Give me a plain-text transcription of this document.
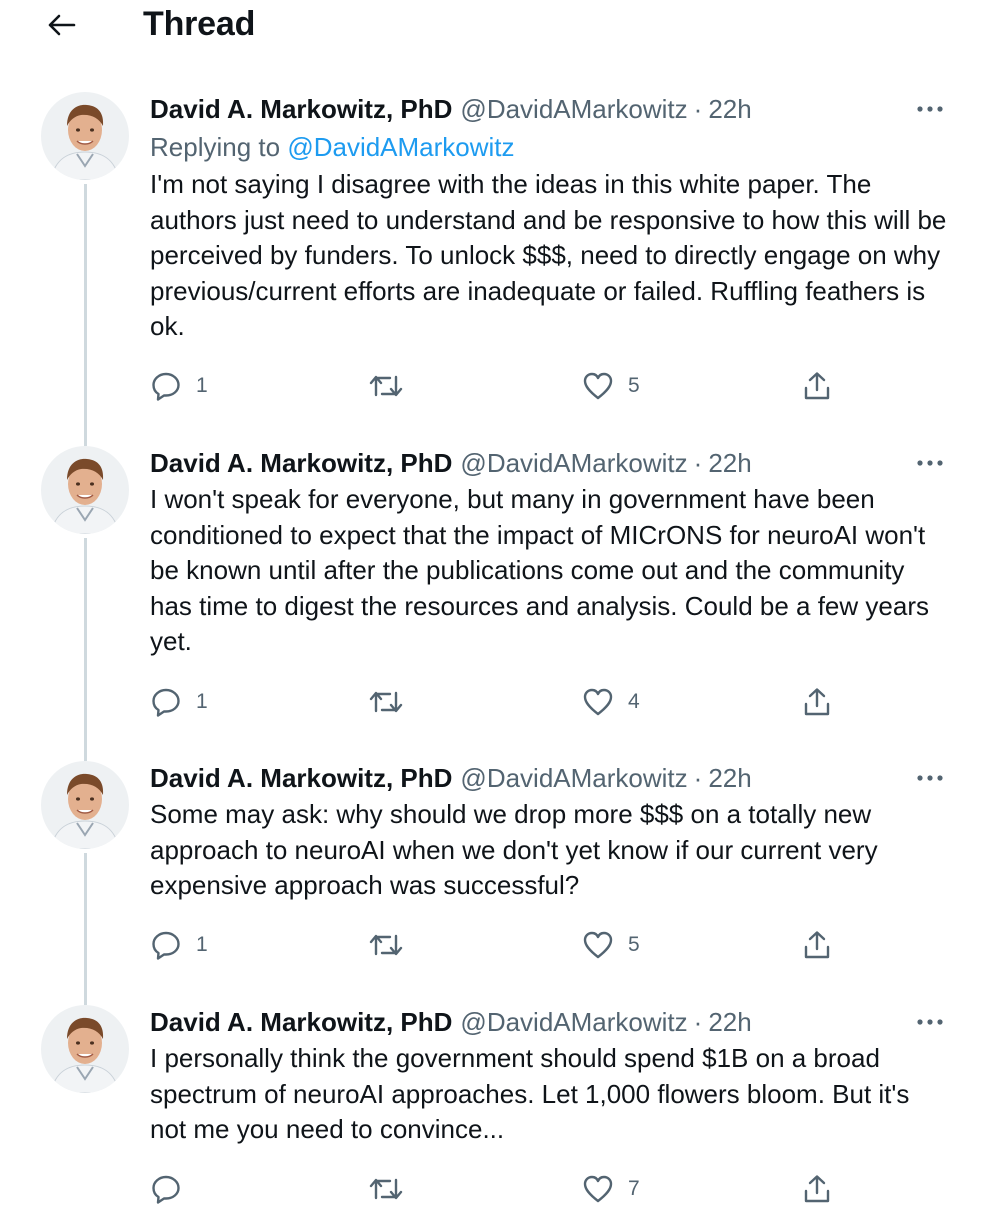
Thread
David A. Markowitz, PhD @DavidAMarkowitz · 22h
Replying to @DavidAMarkowitz
I'm not saying I disagree with the ideas in this white paper. The authors just need to understand and be responsive to how this will be perceived by funders. To unlock $$$, need to directly engage on why previous/current efforts are inadequate or failed. Ruffling feathers is ok.
1	5
David A. Markowitz, PhD @DavidAMarkowitz · 22h
I won't speak for everyone, but many in government have been conditioned to expect that the impact of MICrONS for neuroAI won't be known until after the publications come out and the community has time to digest the resources and analysis. Could be a few years yet.
1	4
David A. Markowitz, PhD @DavidAMarkowitz · 22h
Some may ask: why should we drop more $$$ on a totally new approach to neuroAI when we don't yet know if our current very expensive approach was successful?
1	5
David A. Markowitz, PhD @DavidAMarkowitz · 22h
I personally think the government should spend $1B on a broad spectrum of neuroAI approaches. Let 1,000 flowers bloom. But it's not me you need to convince...
7
